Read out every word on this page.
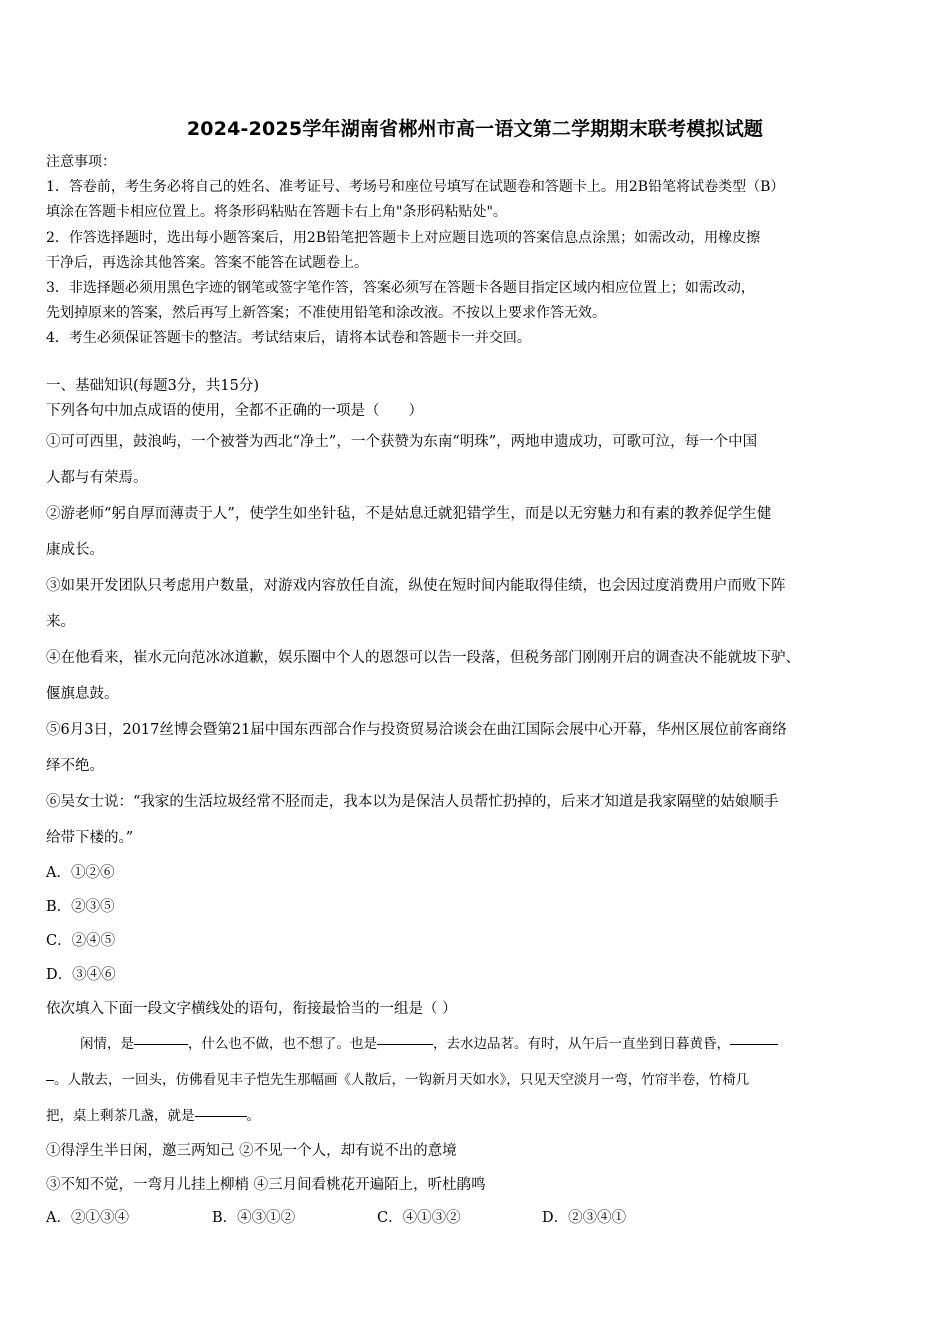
2024-2025学年湖南省郴州市高一语文第二学期期末联考模拟试题
注意事项：
1．答卷前，考生务必将自己的姓名、准考证号、考场号和座位号填写在试题卷和答题卡上。用2B铅笔将试卷类型（B）
填涂在答题卡相应位置上。将条形码粘贴在答题卡右上角"条形码粘贴处"。
2．作答选择题时，选出每小题答案后，用2B铅笔把答题卡上对应题目选项的答案信息点涂黑；如需改动，用橡皮擦
干净后，再选涂其他答案。答案不能答在试题卷上。
3．非选择题必须用黑色字迹的钢笔或签字笔作答，答案必须写在答题卡各题目指定区域内相应位置上；如需改动，
先划掉原来的答案，然后再写上新答案；不准使用铅笔和涂改液。不按以上要求作答无效。
4．考生必须保证答题卡的整洁。考试结束后，请将本试卷和答题卡一并交回。
一、基础知识(每题3分，共15分)
下列各句中加点成语的使用，全都不正确的一项是（　　）
①可可西里，鼓浪屿，一个被誉为西北“净土”，一个获赞为东南“明珠”，两地申遗成功，可歌可泣，每一个中国
人都与有荣焉。
②游老师“躬自厚而薄责于人”，使学生如坐针毡，不是姑息迁就犯错学生，而是以无穷魅力和有素的教养促学生健
康成长。
③如果开发团队只考虑用户数量，对游戏内容放任自流，纵使在短时间内能取得佳绩，也会因过度消费用户而败下阵
来。
④在他看来，崔水元向范冰冰道歉，娱乐圈中个人的恩怨可以告一段落，但税务部门刚刚开启的调查决不能就坡下驴、
偃旗息鼓。
⑤6月3日，2017丝博会暨第21届中国东西部合作与投资贸易洽谈会在曲江国际会展中心开幕，华州区展位前客商络
绎不绝。
⑥吴女士说：“我家的生活垃圾经常不胫而走，我本以为是保洁人员帮忙扔掉的，后来才知道是我家隔壁的姑娘顺手
给带下楼的。”
A．①②⑥
B．②③⑤
C．②④⑤
D．③④⑥
依次填入下面一段文字横线处的语句，衔接最恰当的一组是（ ）
闲情，是	，什么也不做，也不想了。也是	，去水边品茗。有时，从午后一直坐到日暮黄昏，
。人散去，一回头，仿佛看见丰子恺先生那幅画《人散后，一钩新月天如水》，只见天空淡月一弯，竹帘半卷，竹椅几
把，桌上剩茶几盏，就是	。
①得浮生半日闲，邀三两知己 ②不见一个人，却有说不出的意境
③不知不觉，一弯月儿挂上柳梢 ④三月间看桃花开遍陌上，听杜鹃鸣
A．②①③④	B．④③①②	C．④①③②	D．②③④①
